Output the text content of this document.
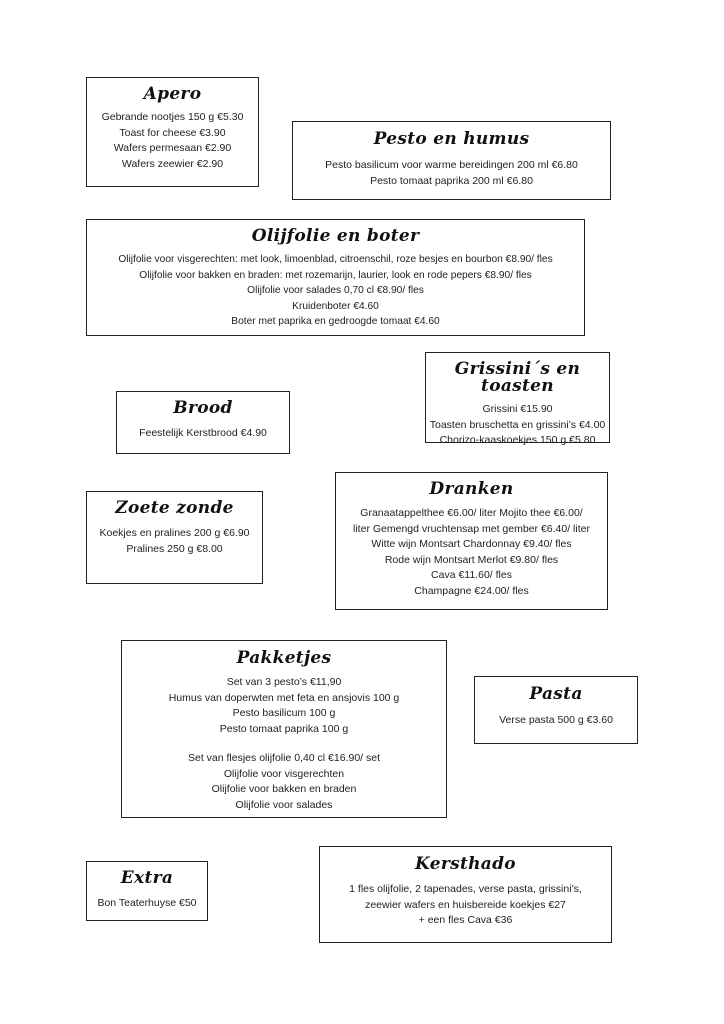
Apero
Gebrande nootjes 150 g €5.30
Toast for cheese €3.90
Wafers permesaan €2.90
Wafers zeewier €2.90
Pesto en humus
Pesto basilicum voor warme bereidingen 200 ml €6.80
Pesto tomaat paprika 200 ml €6.80
Olijfolie en boter
Olijfolie voor visgerechten: met look, limoenblad, citroenschil, roze besjes en bourbon €8.90/ fles
Olijfolie voor bakken en braden: met rozemarijn, laurier, look en rode pepers €8.90/ fles
Olijfolie voor salades 0,70 cl €8.90/ fles
Kruidenboter €4.60
Boter met paprika en gedroogde tomaat €4.60
Grissini´s en toasten
Grissini €15.90
Toasten bruschetta en grissini’s €4.00
Chorizo-kaaskoekjes 150 g €5.80
Brood
Feestelijk Kerstbrood €4.90
Zoete zonde
Koekjes en pralines 200 g €6.90
Pralines 250 g €8.00
Dranken
Granaatappelthee €6.00/ liter Mojito thee €6.00/
liter Gemengd vruchtensap met gember €6.40/ liter
Witte wijn Montsart Chardonnay €9.40/ fles
Rode wijn Montsart Merlot €9.80/ fles
Cava €11.60/ fles
Champagne €24.00/ fles
Pakketjes
Set van 3 pesto’s €11,90
Humus van doperwten met feta en ansjovis 100 g
Pesto basilicum 100 g
Pesto tomaat paprika 100 g
Set van flesjes olijfolie 0,40 cl €16.90/ set
Olijfolie voor visgerechten
Olijfolie voor bakken en braden
Olijfolie voor salades
Pasta
Verse pasta 500 g €3.60
Extra
Bon Teaterhuyse €50
Kersthado
1 fles olijfolie, 2 tapenades, verse pasta, grissini’s,
zeewier wafers en huisbereide koekjes €27
+ een fles Cava €36
